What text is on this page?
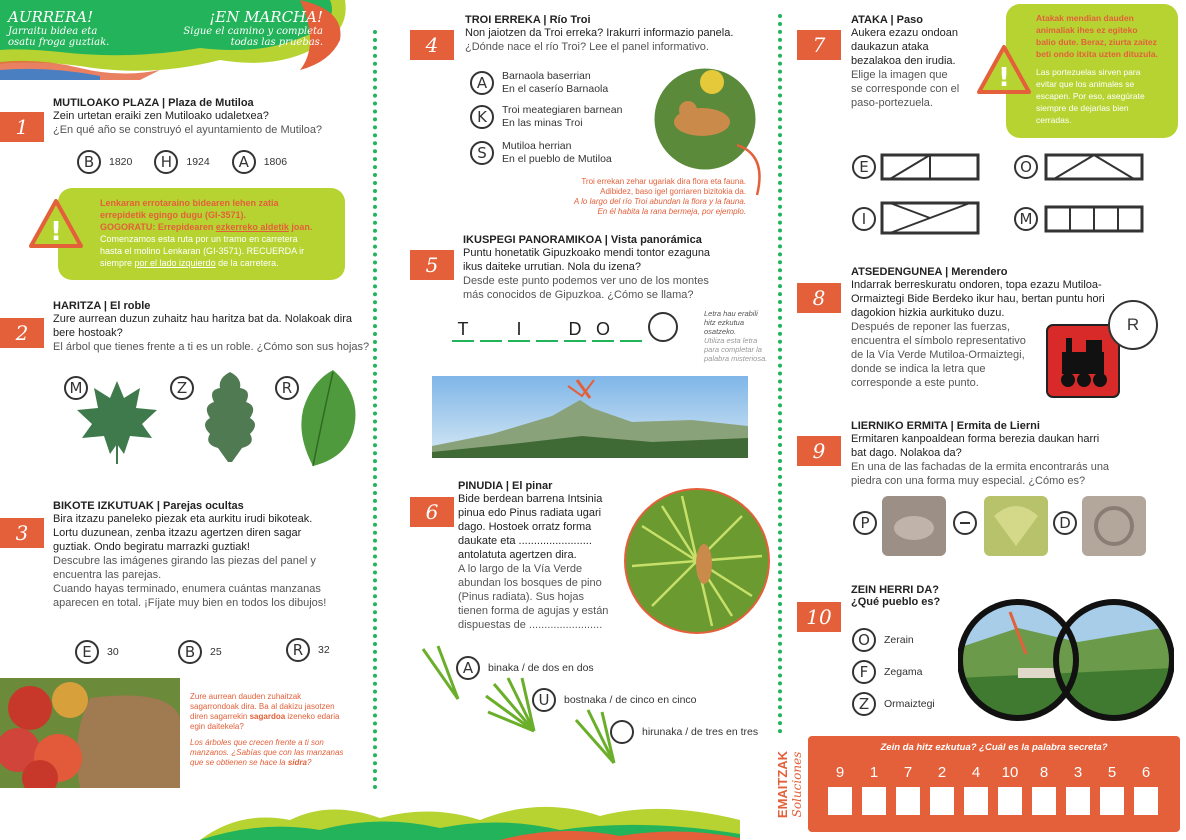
AURRERA!
Jarraitu bidea eta
osatu froga guztiak.
¡EN MARCHA!
Sigue el camino y completa
todas las pruebas.
1
MUTILOAKO PLAZA | Plaza de Mutiloa
Zein urtetan eraiki zen Mutiloako udaletxea?
¿En qué año se construyó el ayuntamiento de Mutiloa?
B	1820	H	1924	A	1806
!
Lenkaran errotaraino bidearen lehen zatia
errepidetik egingo dugu (GI-3571).
GOGORATU: Errepidearen ezkerreko aldetik joan.
Comenzamos esta ruta por un tramo en carretera
hasta el molino Lenkaran (GI-3571). RECUERDA ir
siempre por el lado izquierdo de la carretera.
2
HARITZA | El roble
Zure aurrean duzun zuhaitz hau haritza bat da. Nolakoak dira
bere hostoak?
El árbol que tienes frente a ti es un roble. ¿Cómo son sus hojas?
M	Z	R
3
BIKOTE IZKUTUAK | Parejas ocultas
Bira itzazu paneleko piezak eta aurkitu irudi bikoteak.
Lortu duzunean, zenba itzazu agertzen diren sagar
guztiak. Ondo begiratu marrazki guztiak!
Descubre las imágenes girando las piezas del panel y
encuentra las parejas.
Cuando hayas terminado, enumera cuántas manzanas
aparecen en total. ¡Fíjate muy bien en todos los dibujos!
E	30	B	25	R	32
Zure aurrean dauden zuhaitzak
sagarrondoak dira. Ba al dakizu jasotzen
diren sagarrekin sagardoa izeneko edaria
egin daitekela?
Los árboles que crecen frente a ti son
manzanos. ¿Sabías que con las manzanas
que se obtienen se hace la sidra?
4
TROI ERREKA | Río Troi
Non jaiotzen da Troi erreka? Irakurri informazio panela.
¿Dónde nace el río Troi? Lee el panel informativo.
A	Barnaola baserrian
En el caserío Barnaola
K	Troi meategiaren barnean
En las minas Troi
S	Mutiloa herrian
En el pueblo de Mutiloa
Troi errekan zehar ugariak dira flora eta fauna.
Adibidez, baso igel gorriaren bizitokia da.
A lo largo del río Troi abundan la flora y la fauna.
En él habita la rana bermeja, por ejemplo.
5
IKUSPEGI PANORAMIKOA | Vista panorámica
Puntu honetatik Gipuzkoako mendi tontor ezaguna
ikus daiteke urrutian. Nola du izena?
Desde este punto podemos ver uno de los montes
más conocidos de Gipuzkoa. ¿Cómo se llama?
T	I	D O
Letra hau erabili
hitz ezkutua
osatzeko.
Utiliza esta letra
para completar la
palabra misteriosa.
6
PINUDIA | El pinar
Bide berdean barrena Intsinia
pinua edo Pinus radiata ugari
dago. Hostoek orratz forma
daukate eta ........................
antolatuta agertzen dira.
A lo largo de la Vía Verde
abundan los bosques de pino
(Pinus radiata). Sus hojas
tienen forma de agujas y están
dispuestas de ........................
A	binaka / de dos en dos
U	bostnaka / de cinco en cinco
hirunaka / de tres en tres
7
ATAKA | Paso
Aukera ezazu ondoan
daukazun ataka
bezalakoa den irudia.
Elige la imagen que
se corresponde con el
paso-portezuela.
!
Atakak mendian dauden
animaliak ihes ez egiteko
balio dute. Beraz, ziurta zaitez
beti ondo itxita uzten dituzula.
Las portezuelas sirven para
evitar que los animales se
escapen. Por eso, asegúrate
siempre de dejarlas bien
cerradas.
E	O
I	M
8
ATSEDENGUNEA | Merendero
Indarrak berreskuratu ondoren, topa ezazu Mutiloa-
Ormaiztegi Bide Berdeko ikur hau, bertan puntu hori
dagokion hizkia aurkituko duzu.
Después de reponer las fuerzas,
encuentra el símbolo representativo
de la Vía Verde Mutiloa-Ormaiztegi,
donde se indica la letra que
corresponde a este punto.
R
9
LIERNIKO ERMITA | Ermita de Lierni
Ermitaren kanpoaldean forma berezia daukan harri
bat dago. Nolakoa da?
En una de las fachadas de la ermita encontrarás una
piedra con una forma muy especial. ¿Cómo es?
P	D
10
ZEIN HERRI DA?
¿Qué pueblo es?
O	Zerain
F	Zegama
Z	Ormaiztegi
EMAITZAK Soluciones
Zein da hitz ezkutua? ¿Cuál es la palabra secreta?
9	1	7	2	4	10	8	3	5	6
